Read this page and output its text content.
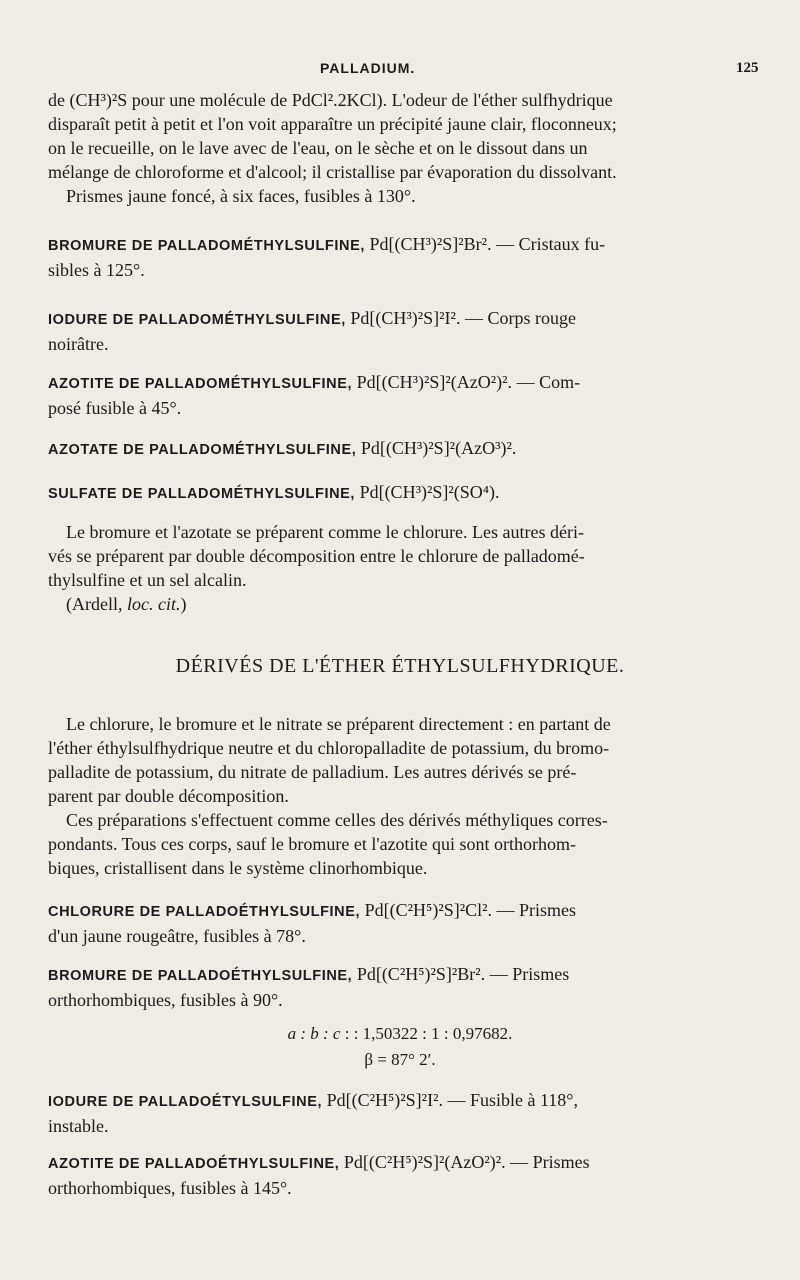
PALLADIUM.	125
de (CH³)²S pour une molécule de PdCl².2KCl). L'odeur de l'éther sulfhydrique
disparaît petit à petit et l'on voit apparaître un précipité jaune clair, floconneux;
on le recueille, on le lave avec de l'eau, on le sèche et on le dissout dans un
mélange de chloroforme et d'alcool; il cristallise par évaporation du dissolvant.
Prismes jaune foncé, à six faces, fusibles à 130°.
BROMURE DE PALLADOMÉTHYLSULFINE, Pd[(CH³)²S]²Br². — Cristaux fu-
sibles à 125°.
IODURE DE PALLADOMÉTHYLSULFINE, Pd[(CH³)²S]²I². — Corps rouge
noirâtre.
AZOTITE DE PALLADOMÉTHYLSULFINE, Pd[(CH³)²S]²(AzO²)². — Com-
posé fusible à 45°.
AZOTATE DE PALLADOMÉTHYLSULFINE, Pd[(CH³)²S]²(AzO³)².
SULFATE DE PALLADOMÉTHYLSULFINE, Pd[(CH³)²S]²(SO⁴).
Le bromure et l'azotate se préparent comme le chlorure. Les autres déri-
vés se préparent par double décomposition entre le chlorure de palladomé-
thylsulfine et un sel alcalin.
(Ardell, loc. cit.)
DÉRIVÉS DE L'ÉTHER ÉTHYLSULFHYDRIQUE.
Le chlorure, le bromure et le nitrate se préparent directement : en partant de
l'éther éthylsulfhydrique neutre et du chloropalladite de potassium, du bromo-
palladite de potassium, du nitrate de palladium. Les autres dérivés se pré-
parent par double décomposition.
Ces préparations s'effectuent comme celles des dérivés méthyliques corres-
pondants. Tous ces corps, sauf le bromure et l'azotite qui sont orthorhom-
biques, cristallisent dans le système clinorhombique.
CHLORURE DE PALLADOÉTHYLSULFINE, Pd[(C²H⁵)²S]²Cl². — Prismes
d'un jaune rougeâtre, fusibles à 78°.
BROMURE DE PALLADOÉTHYLSULFINE, Pd[(C²H⁵)²S]²Br². — Prismes
orthorhombiques, fusibles à 90°.
a : b : c : : 1,50322 : 1 : 0,97682.
β = 87° 2′.
IODURE DE PALLADOÉTYLSULFINE, Pd[(C²H⁵)²S]²I². — Fusible à 118°,
instable.
AZOTITE DE PALLADOÉTHYLSULFINE, Pd[(C²H⁵)²S]²(AzO²)². — Prismes
orthorhombiques, fusibles à 145°.
